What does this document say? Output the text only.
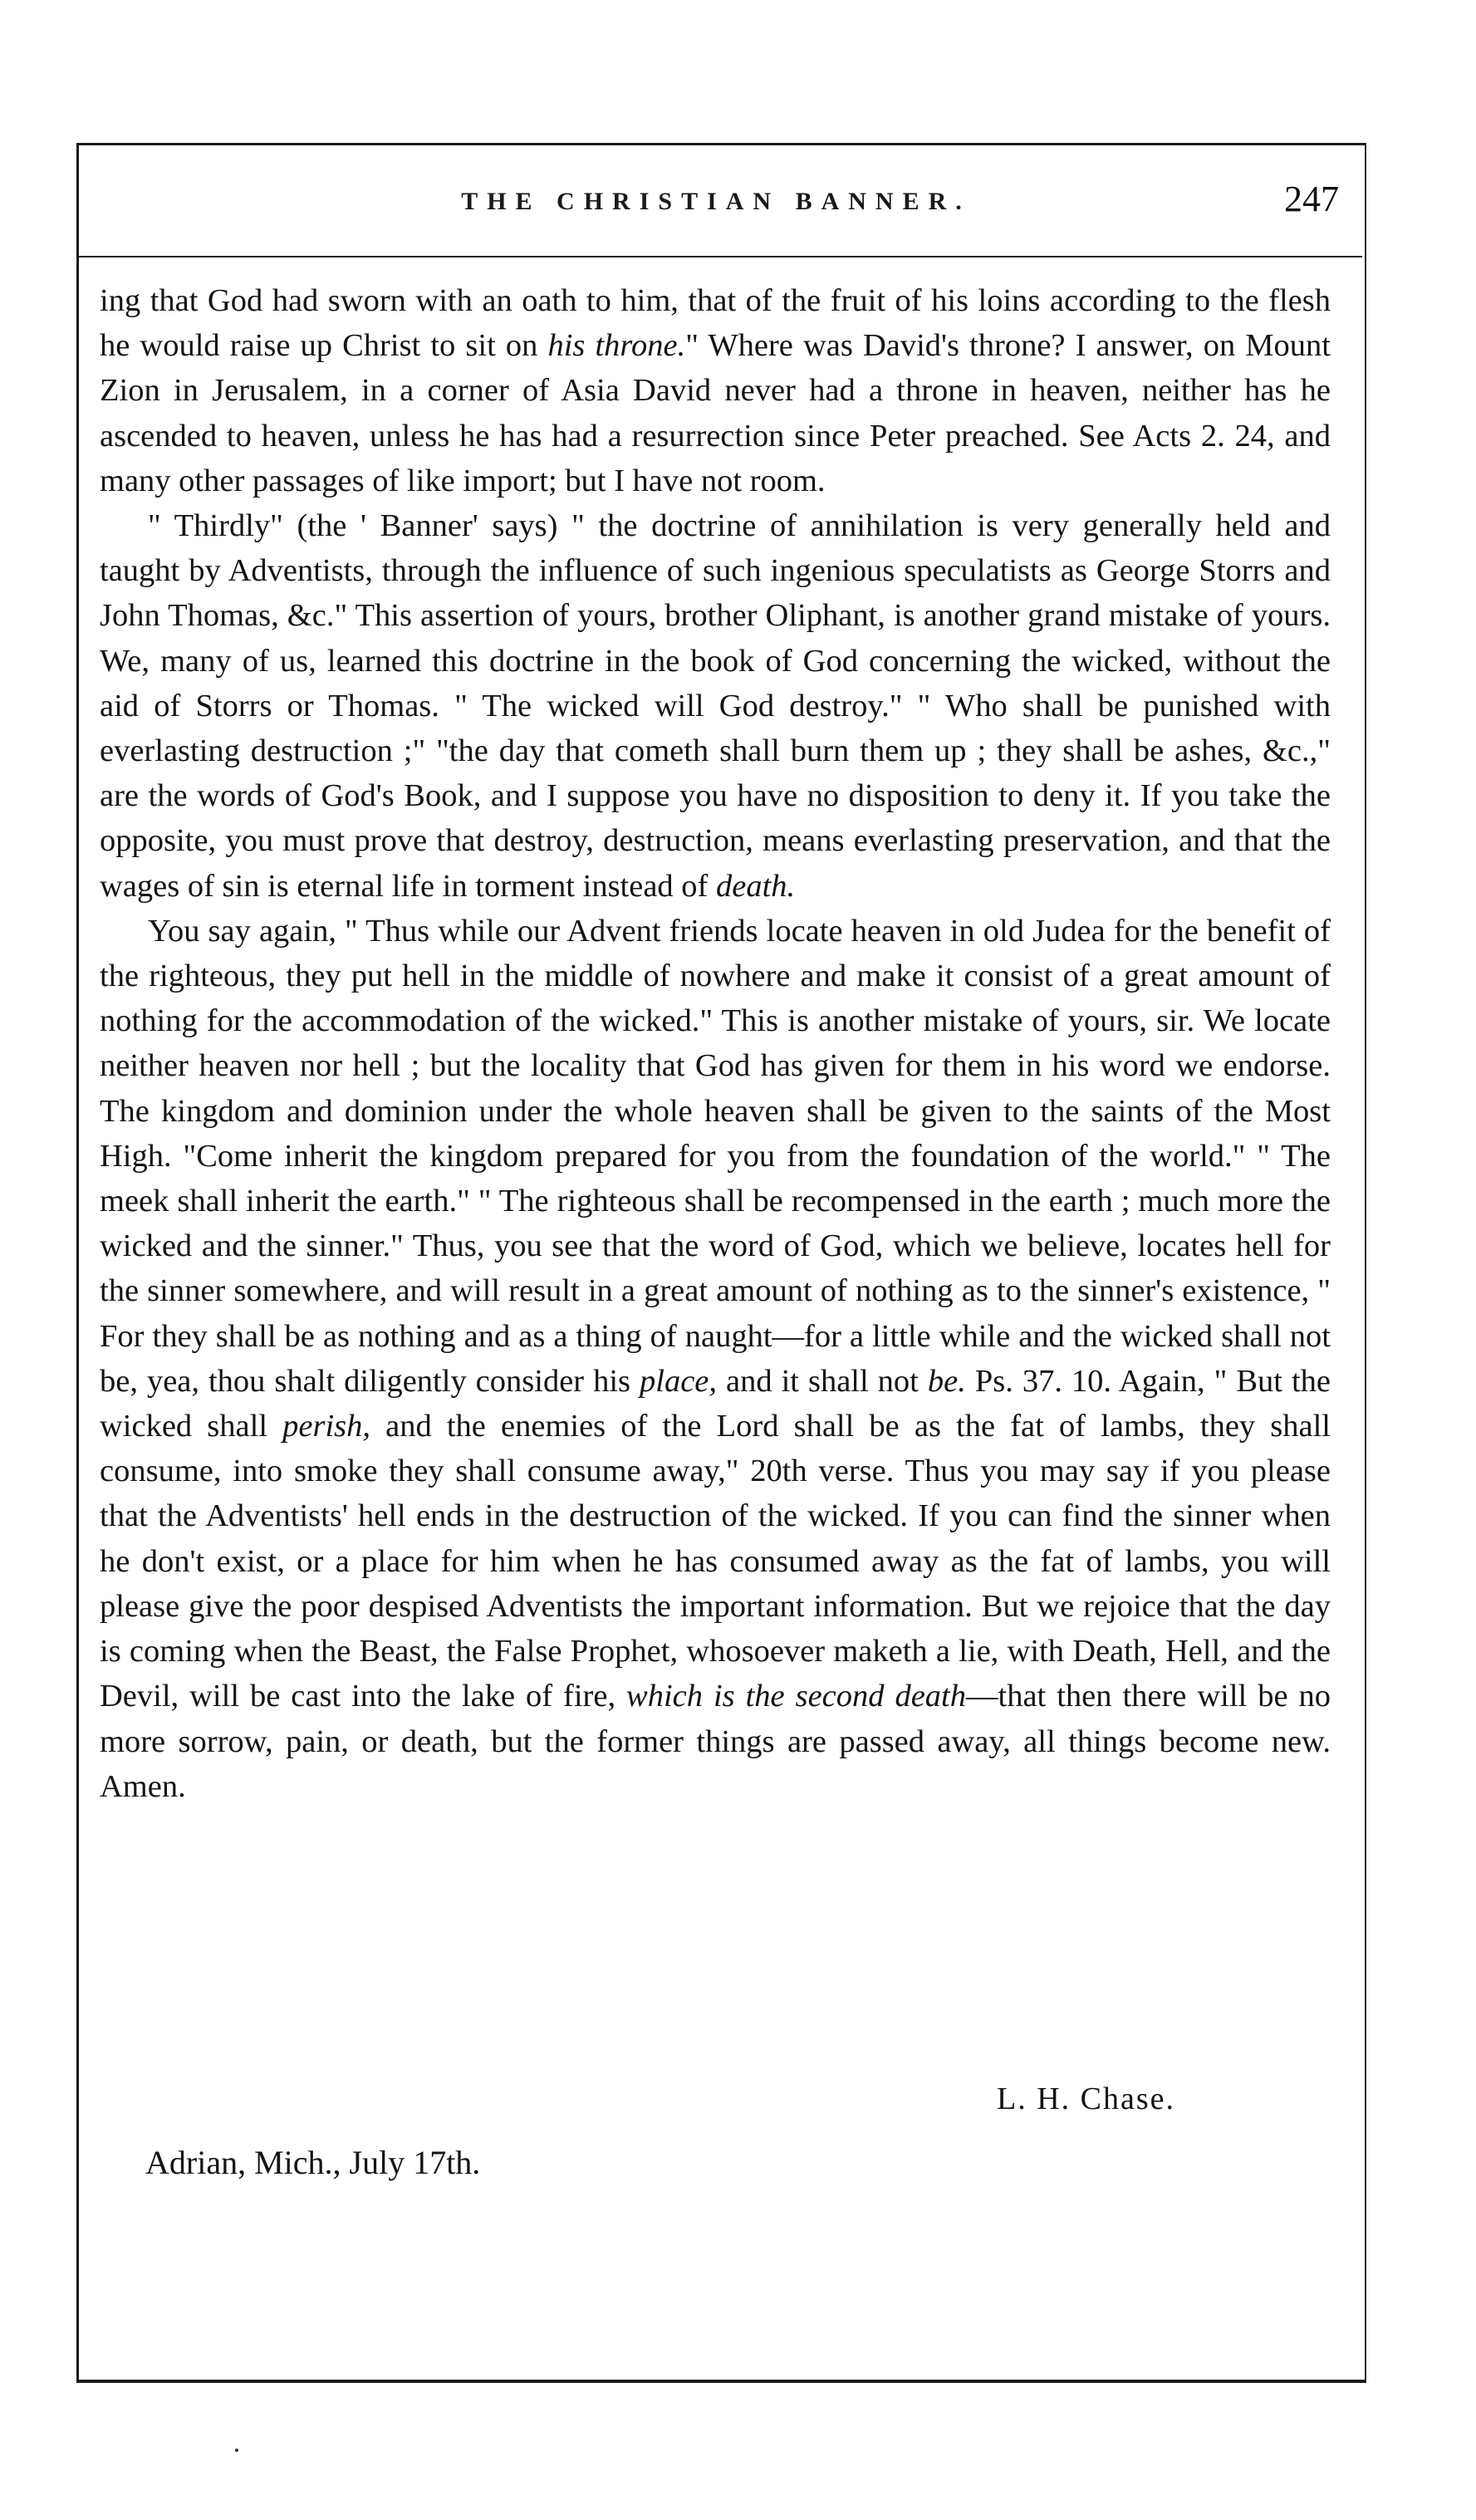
THE CHRISTIAN BANNER.	247

ing that God had sworn with an oath to him, that of the fruit of his loins according to the flesh he would raise up Christ to sit on his throne." Where was David's throne? I answer, on Mount Zion in Jerusalem, in a corner of Asia David never had a throne in heaven, neither has he ascended to heaven, unless he has had a resurrection since Peter preached. See Acts 2. 24, and many other passages of like import; but I have not room.

" Thirdly" (the ' Banner' says) " the doctrine of annihilation is very generally held and taught by Adventists, through the influence of such ingenious speculatists as George Storrs and John Thomas, &c." This assertion of yours, brother Oliphant, is another grand mistake of yours. We, many of us, learned this doctrine in the book of God concerning the wicked, without the aid of Storrs or Thomas. " The wicked will God destroy." " Who shall be punished with everlasting destruction ;" "the day that cometh shall burn them up ; they shall be ashes, &c.," are the words of God's Book, and I suppose you have no disposition to deny it. If you take the opposite, you must prove that destroy, destruction, means everlasting preservation, and that the wages of sin is eternal life in torment instead of death.

You say again, " Thus while our Advent friends locate heaven in old Judea for the benefit of the righteous, they put hell in the middle of nowhere and make it consist of a great amount of nothing for the accommodation of the wicked." This is another mistake of yours, sir. We locate neither heaven nor hell ; but the locality that God has given for them in his word we endorse. The kingdom and dominion under the whole heaven shall be given to the saints of the Most High. "Come inherit the kingdom prepared for you from the foundation of the world." " The meek shall inherit the earth." " The righteous shall be recompensed in the earth ; much more the wicked and the sinner." Thus, you see that the word of God, which we believe, locates hell for the sinner somewhere, and will result in a great amount of nothing as to the sinner's existence, " For they shall be as nothing and as a thing of naught—for a little while and the wicked shall not be, yea, thou shalt diligently consider his place, and it shall not be. Ps. 37. 10. Again, " But the wicked shall perish, and the enemies of the Lord shall be as the fat of lambs, they shall consume, into smoke they shall consume away," 20th verse. Thus you may say if you please that the Adventists' hell ends in the destruction of the wicked. If you can find the sinner when he don't exist, or a place for him when he has consumed away as the fat of lambs, you will please give the poor despised Adventists the important information. But we rejoice that the day is coming when the Beast, the False Prophet, whosoever maketh a lie, with Death, Hell, and the Devil, will be cast into the lake of fire, which is the second death—that then there will be no more sorrow, pain, or death, but the former things are passed away, all things become new. Amen.

L. H. Chase.
Adrian, Mich., July 17th.
